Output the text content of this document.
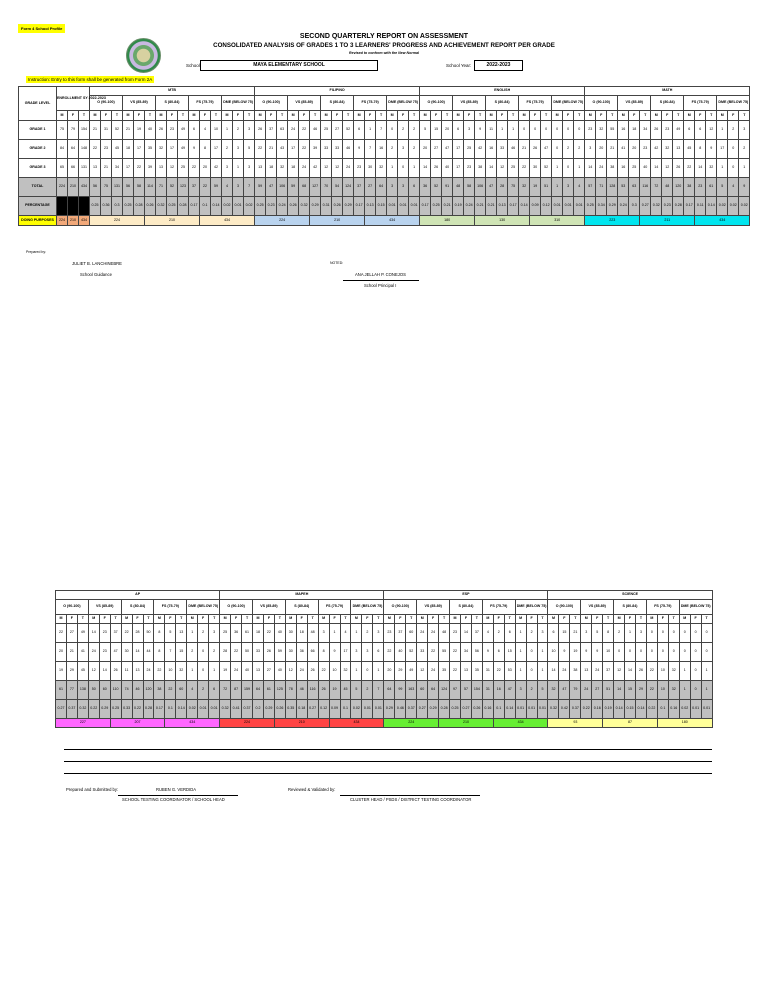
Form 4 School Profile
SECOND QUARTERLY REPORT ON ASSESSMENT
CONSOLIDATED ANALYSIS OF GRADES 1 TO 3 LEARNERS' PROGRESS AND ACHIEVEMENT REPORT PER GRADE
Revised to conform with the New Normal
School:	MAYA ELEMENTARY SCHOOL	School Year:	2022-2023
Instruction: Entry to this form shall be generated from Form 2A
GRADE LEVEL	ENROLLMENT SY 2022-2023	MTB	FILIPINO	ENGLISH	MATH
O (90-100)	VS (85-89)	S (80-84)	FS (75-79)	DME (BELOW 75)	O (90-100)	VS (85-89)	S (80-84)	FS (75-79)	DME (BELOW 75)	O (90-100)	VS (85-89)	S (80-84)	FS (75-79)	DME (BELOW 75)	O (90-100)	VS (85-89)	S (80-84)	FS (75-79)	DME (BELOW 75)
M	F	T	M	F	T	M	F	T	M	F	T	M	F	T	M	F	T	M	F	T	M	F	T	M	F	T	M	F	T	M	F	T	M	F	T	M	F	T	M	F	T	M	F	T	M	F	T	M	F	T	M	F	T	M	F	T	M	F	T	M	F	T
GRADE 1	75	79	154	21	31	52	21	19	40	26	23	49	6	4	10	1	2	3	26	37	63	24	22	46	25	27	52	6	1	7	0	2	2	5	15	20	6	3	9	11	1	1	0	0	0	0	0	0	23	32	55	16	18	34	26	23	49	6	6	12	1	2	3
GRADE 2	84	64	148	22	23	45	18	17	35	32	17	49	9	8	17	2	3	5	22	21	43	17	22	39	33	33	46	9	7	16	2	3	2	20	27	47	17	25	42	16	33	46	21	26	47	0	2	2	3	20	21	41	20	23	42	32	13	45	8	9	17	0	2	
GRADE 3	65	66	131	13	21	34	17	22	39	13	12	25	22	20	42	3	1	3	13	18	32	18	24	42	12	12	24	23	30	32	1	0	1	14	26	40	17	23	38	14	12	25	22	30	52	1	0	1	14	24	38	16	25	40	14	12	26	22	14	32	1	0	1
TOTAL	224	210	434	56	75	131	56	58	114	71	52	123	37	22	59	4	3	7	59	47	106	59	68	127	70	54	124	37	27	64	3	3	6	36	52	91	48	58	106	47	28	75	32	19	51	1	3	4	57	71	128	53	63	116	72	48	120	38	23	61	5	4	9
PERCENTAGE				0.25	0.36	0.3	0.25	0.28	0.26	0.32	0.25	0.28	0.17	0.1	0.14	0.02	0.01	0.02	0.25	0.23	0.24	0.26	0.32	0.29	0.31	0.26	0.29	0.17	0.13	0.15	0.01	0.01	0.01	0.17	0.25	0.21	0.19	0.24	0.21	0.21	0.13	0.17	0.14	0.09	0.12	0.01	0.01	0.01	0.25	0.34	0.29	0.24	0.3	0.27	0.32	0.23	0.28	0.17	0.11	0.14	0.02	0.02	0.02
DOING PURPOSES	224	210	434	224	210	434	224	210	434	180	130	310	223	211	434
Prepared by:
NOTED:
JULIET B. LANCHINEBRE
School Guidance	ANA JELLAH P. CONEJOS
School Principal I
AP															MAPEH															ESP															SCIENCE														
O (90-100)			VS (85-89)			S (80-84)			FS (75-79)			DME (BELOW 75)			O (90-100)			VS (85-89)			S (80-84)			FS (75-79)			DME (BELOW 75)			O (90-100)			VS (85-89)			S (80-84)			FS (75-79)			DME (BELOW 75)			O (90-100)			VS (85-89)			S (80-84)			FS (75-79)			DME (BELOW 75)		
M	F	T	M	F	T	M	F	T	M	F	T	M	F	T	M	F	T	M	F	T	M	F	T	M	F	T	M	F	T	M	F	T	M	F	T	M	F	T	M	F	T	M	F	T	M	F	T	M	F	T	M	F	T	M	F	T	M	F	T
22	27	49	14	23	37	22	28	50	8	5	13	1	2	3	25	36	61	18	22	40	30	18	48	3	1	4	1	2	3	23	37	60	24	24	48	23	14	37	4	2	6	1	2	3	6	15	21	3	5	8	2	1	3	0	0	0	0	0	0
20	21	41	24	23	47	30	14	44	8	7	15	2	0	2	28	22	50	33	26	59	30	36	66	8	9	17	3	3	6	22	40	52	33	22	55	22	34	56	9	6	15	1	0	1	10	9	19	9	9	10	0	0	0	0	0	0	0	0	0
19	29	45	12	14	26	11	13	24	22	10	32	1	0	1	19	24	40	13	27	40	12	24	26	22	10	32	1	0	1	20	29	49	12	24	35	22	13	35	31	22	53	1	0	1	14	24	38	13	24	37	12	14	26	22	10	32	1	0	1
61	77	138	50	60	110	74	46	120	38	22	60	4	2	6	72	87	159	64	61	125	78	46	116	26	19	45	5	2	7	64	99	163	60	64	124	97	57	154	31	16	47	3	2	5	32	47	79	24	27	51	14	15	29	22	10	32	1	0	1
0.27	0.37	0.32	0.22	0.29	0.25	0.33	0.22	0.28	0.17	0.1	0.14	0.02	0.01	0.01	0.32	0.41	0.37	0.2	0.29	0.26	0.35	0.18	0.27	0.12	0.09	0.1	0.02	0.01	0.01	0.29	0.46	0.37	0.27	0.29	0.28	0.25	0.27	0.26	0.16	0.1	0.14	0.01	0.01	0.01	0.32	0.42	0.37	0.22	0.16	0.19	0.14	0.15	0.14	0.22	0.1	0.16	0.02	0.01	0.01
227					207					434					224					210					434					224					210					434					93					87					180				
Prepared and Submitted by:	RUBEN G. VERDIDA
SCHOOL TESTING COORDINATOR / SCHOOL HEAD
Reviewed & Validated by:
CLUSTER HEAD / PSDS / DISTRICT TESTING COORDINATOR
